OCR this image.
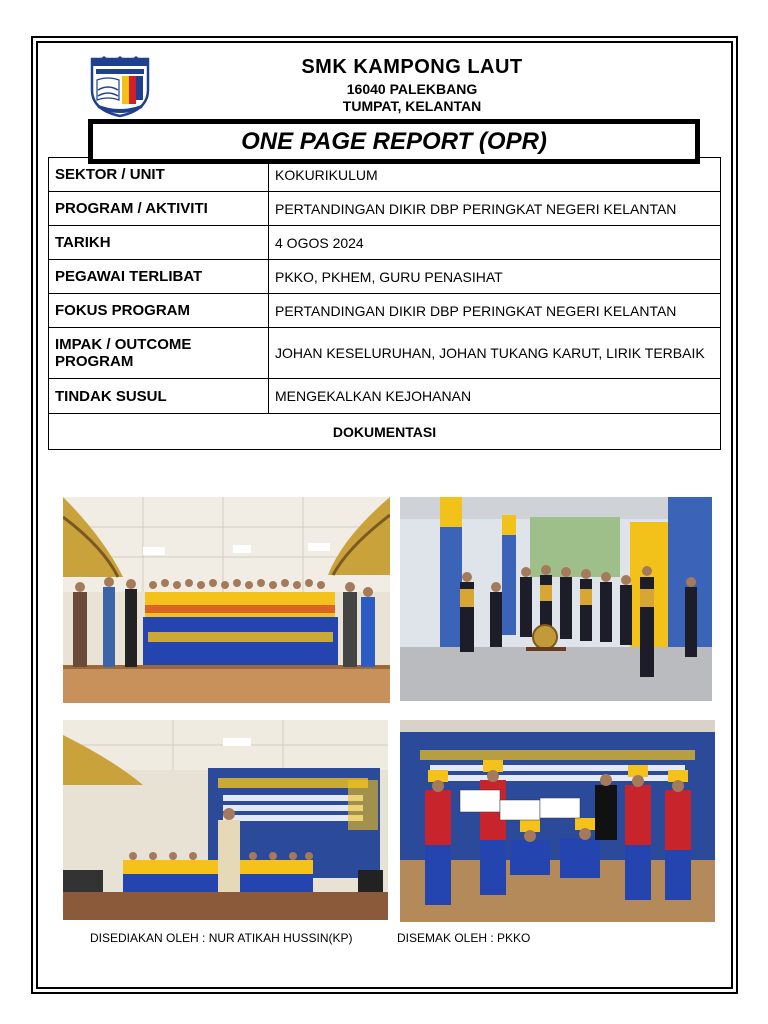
SMK KAMPONG LAUT
16040 PALEKBANG
TUMPAT, KELANTAN
ONE PAGE REPORT (OPR)
SEKTOR / UNIT	KOKURIKULUM
PROGRAM / AKTIVITI	PERTANDINGAN DIKIR DBP PERINGKAT NEGERI KELANTAN
TARIKH	4 OGOS 2024
PEGAWAI TERLIBAT	PKKO, PKHEM, GURU PENASIHAT
FOKUS PROGRAM	PERTANDINGAN DIKIR DBP PERINGKAT NEGERI KELANTAN
IMPAK / OUTCOME PROGRAM	JOHAN KESELURUHAN, JOHAN TUKANG KARUT, LIRIK TERBAIK
TINDAK SUSUL	MENGEKALKAN KEJOHANAN
DOKUMENTASI	
DISEDIAKAN OLEH : NUR ATIKAH HUSSIN(KP)	DISEMAK OLEH : PKKO
